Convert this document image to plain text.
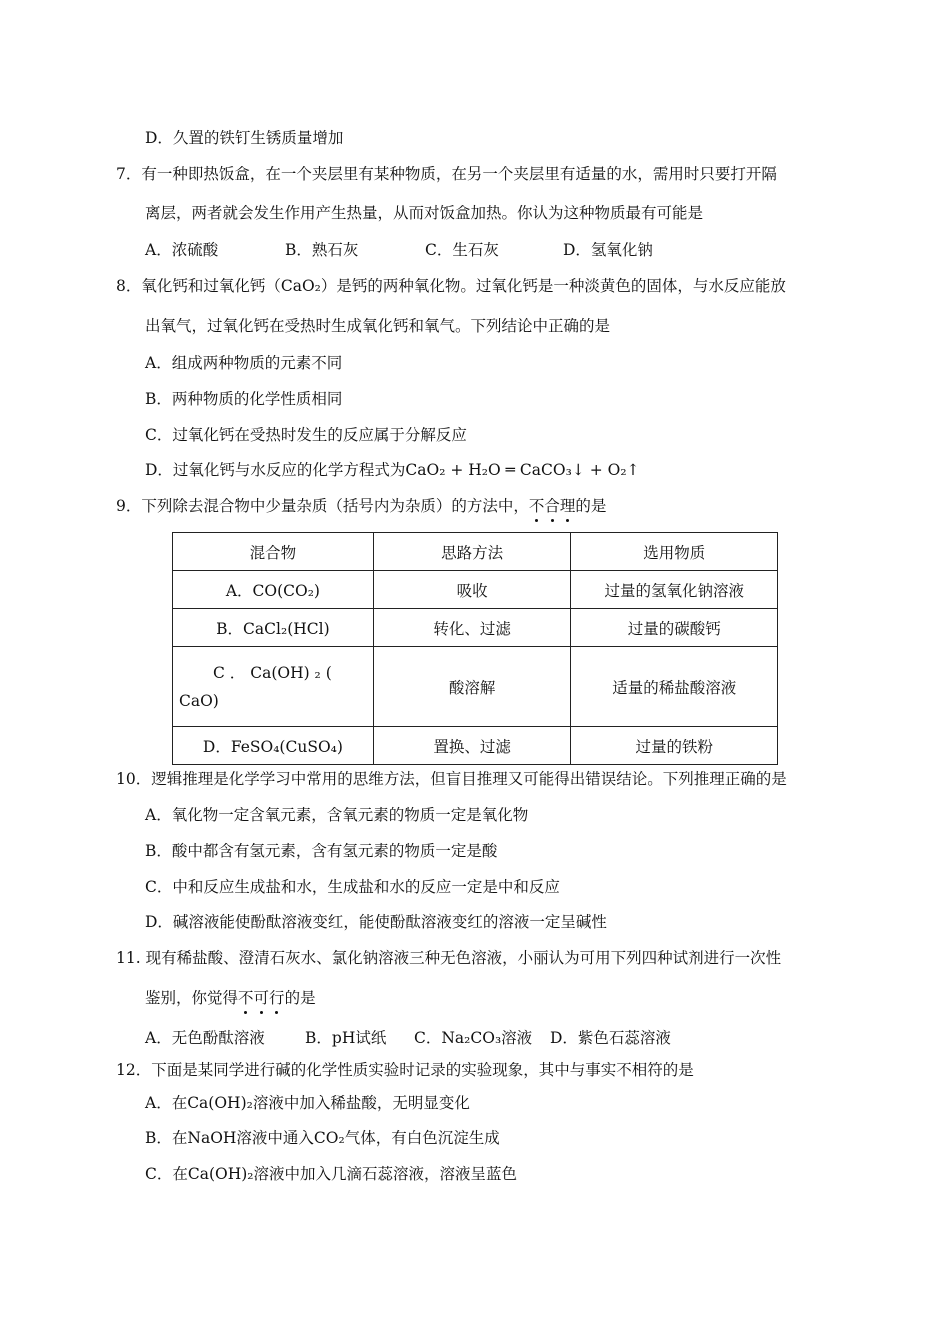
D．久置的铁钉生锈质量增加
7．有一种即热饭盒，在一个夹层里有某种物质，在另一个夹层里有适量的水，需用时只要打开隔
离层，两者就会发生作用产生热量，从而对饭盒加热。你认为这种物质最有可能是
A．浓硫酸	B．熟石灰	C．生石灰	D．氢氧化钠
8．氧化钙和过氧化钙（CaO₂）是钙的两种氧化物。过氧化钙是一种淡黄色的固体，与水反应能放
出氧气，过氧化钙在受热时生成氧化钙和氧气。下列结论中正确的是
A．组成两种物质的元素不同
B．两种物质的化学性质相同
C．过氧化钙在受热时发生的反应属于分解反应
D．过氧化钙与水反应的化学方程式为CaO₂ + H₂O ═ CaCO₃↓ + O₂↑
9．下列除去混合物中少量杂质（括号内为杂质）的方法中，不合理的是
混合物	思路方法	选用物质
A．CO(CO₂)	吸收	过量的氢氧化钠溶液
B．CaCl₂(HCl)	转化、过滤	过量的碳酸钙

C ． Ca(OH) ₂ (
CaO)	酸溶解	适量的稀盐酸溶液
D．FeSO₄(CuSO₄)	置换、过滤	过量的铁粉
10．逻辑推理是化学学习中常用的思维方法，但盲目推理又可能得出错误结论。下列推理正确的是
A．氧化物一定含氧元素，含氧元素的物质一定是氧化物
B．酸中都含有氢元素，含有氢元素的物质一定是酸
C．中和反应生成盐和水，生成盐和水的反应一定是中和反应
D．碱溶液能使酚酞溶液变红，能使酚酞溶液变红的溶液一定呈碱性
11. 现有稀盐酸、澄清石灰水、氯化钠溶液三种无色溶液，小丽认为可用下列四种试剂进行一次性
鉴别，你觉得不可行的是
A．无色酚酞溶液	B．pH试纸 C．Na₂CO₃溶液 D．紫色石蕊溶液
12．下面是某同学进行碱的化学性质实验时记录的实验现象，其中与事实不相符的是
A．在Ca(OH)₂溶液中加入稀盐酸，无明显变化
B．在NaOH溶液中通入CO₂气体，有白色沉淀生成
C．在Ca(OH)₂溶液中加入几滴石蕊溶液，溶液呈蓝色
